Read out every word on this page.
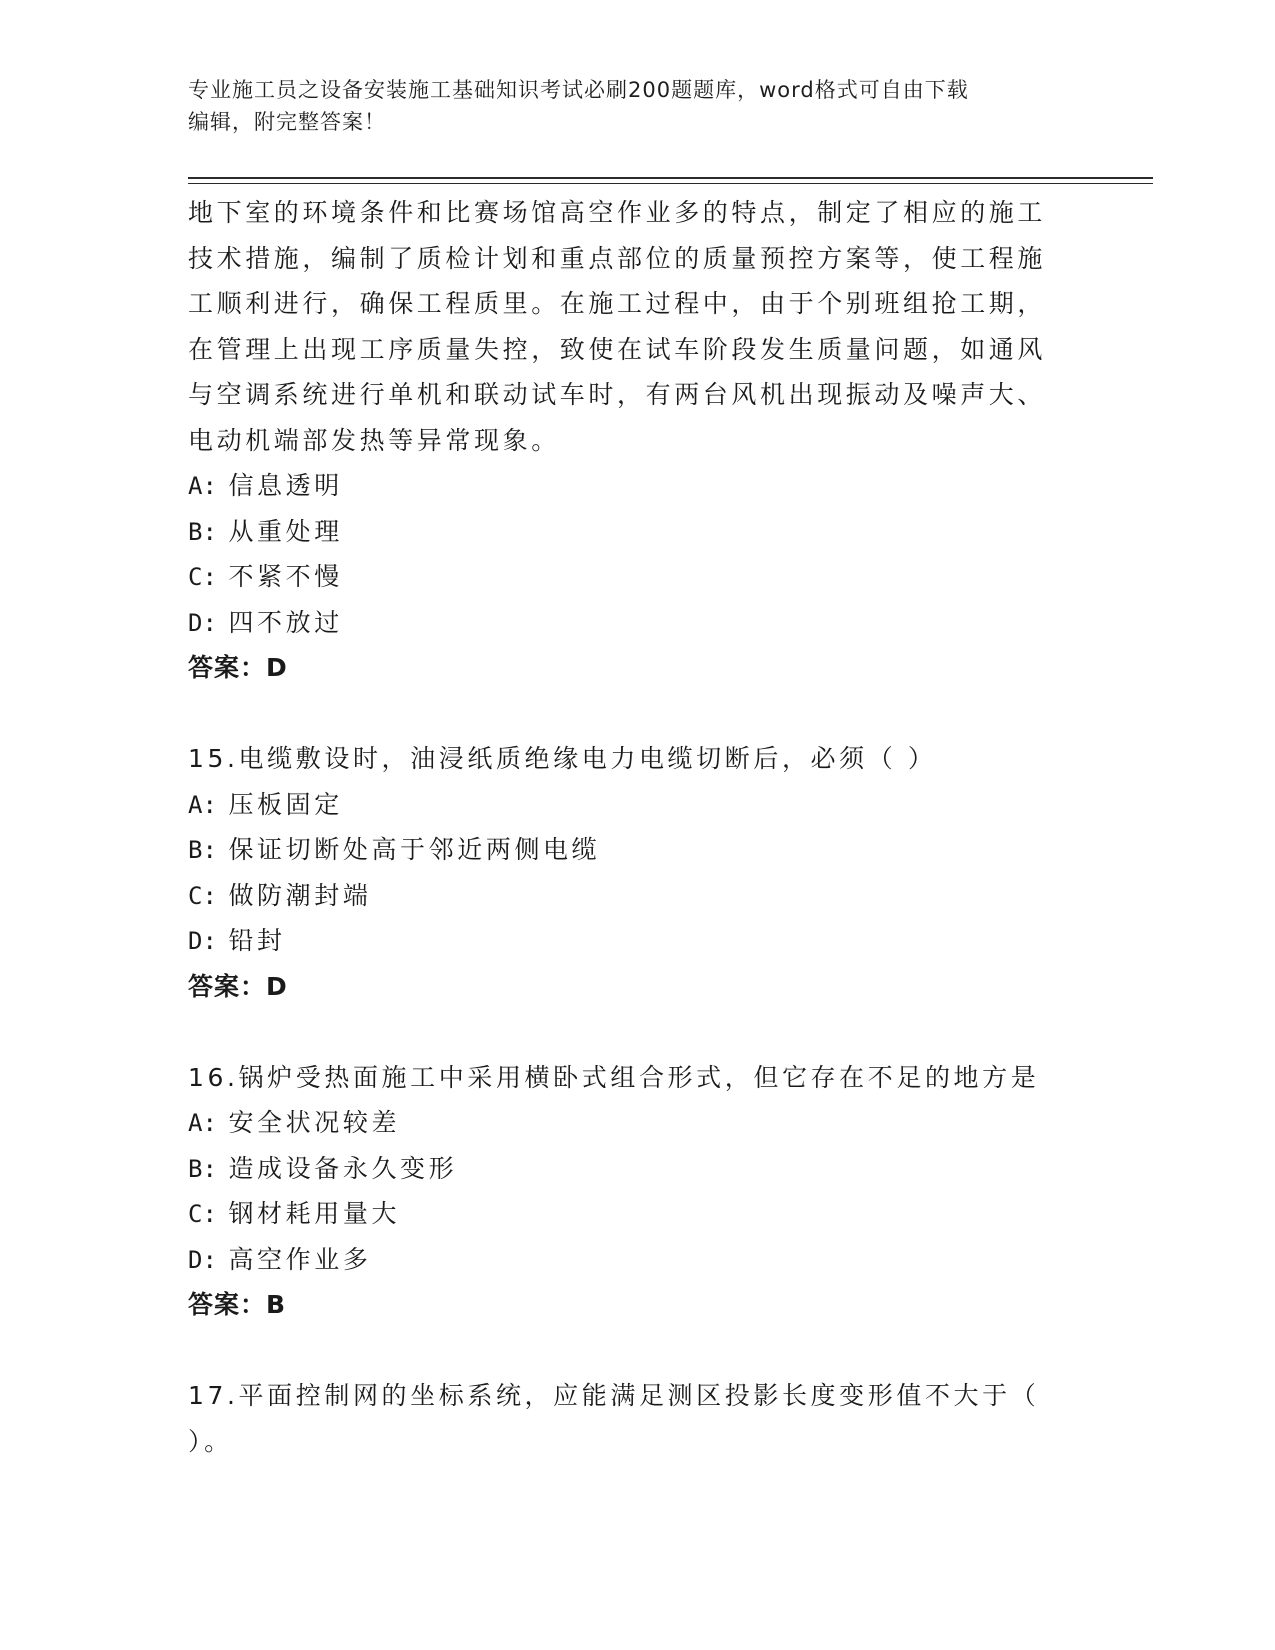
专业施工员之设备安装施工基础知识考试必刷200题题库，word格式可自由下载
编辑，附完整答案！
地下室的环境条件和比赛场馆高空作业多的特点，制定了相应的施工
技术措施，编制了质检计划和重点部位的质量预控方案等，使工程施
工顺利进行，确保工程质里。在施工过程中，由于个别班组抢工期，
在管理上出现工序质量失控，致使在试车阶段发生质量问题，如通风
与空调系统进行单机和联动试车时，有两台风机出现振动及噪声大、
电动机端部发热等异常现象。
A: 信息透明
B: 从重处理
C: 不紧不慢
D: 四不放过
答案：D
15.电缆敷设时，油浸纸质绝缘电力电缆切断后，必须（ ）
A: 压板固定
B: 保证切断处高于邻近两侧电缆
C: 做防潮封端
D: 铅封
答案：D
16.锅炉受热面施工中采用横卧式组合形式，但它存在不足的地方是
A: 安全状况较差
B: 造成设备永久变形
C: 钢材耗用量大
D: 高空作业多
答案：B
17.平面控制网的坐标系统，应能满足测区投影长度变形值不大于（
）。
